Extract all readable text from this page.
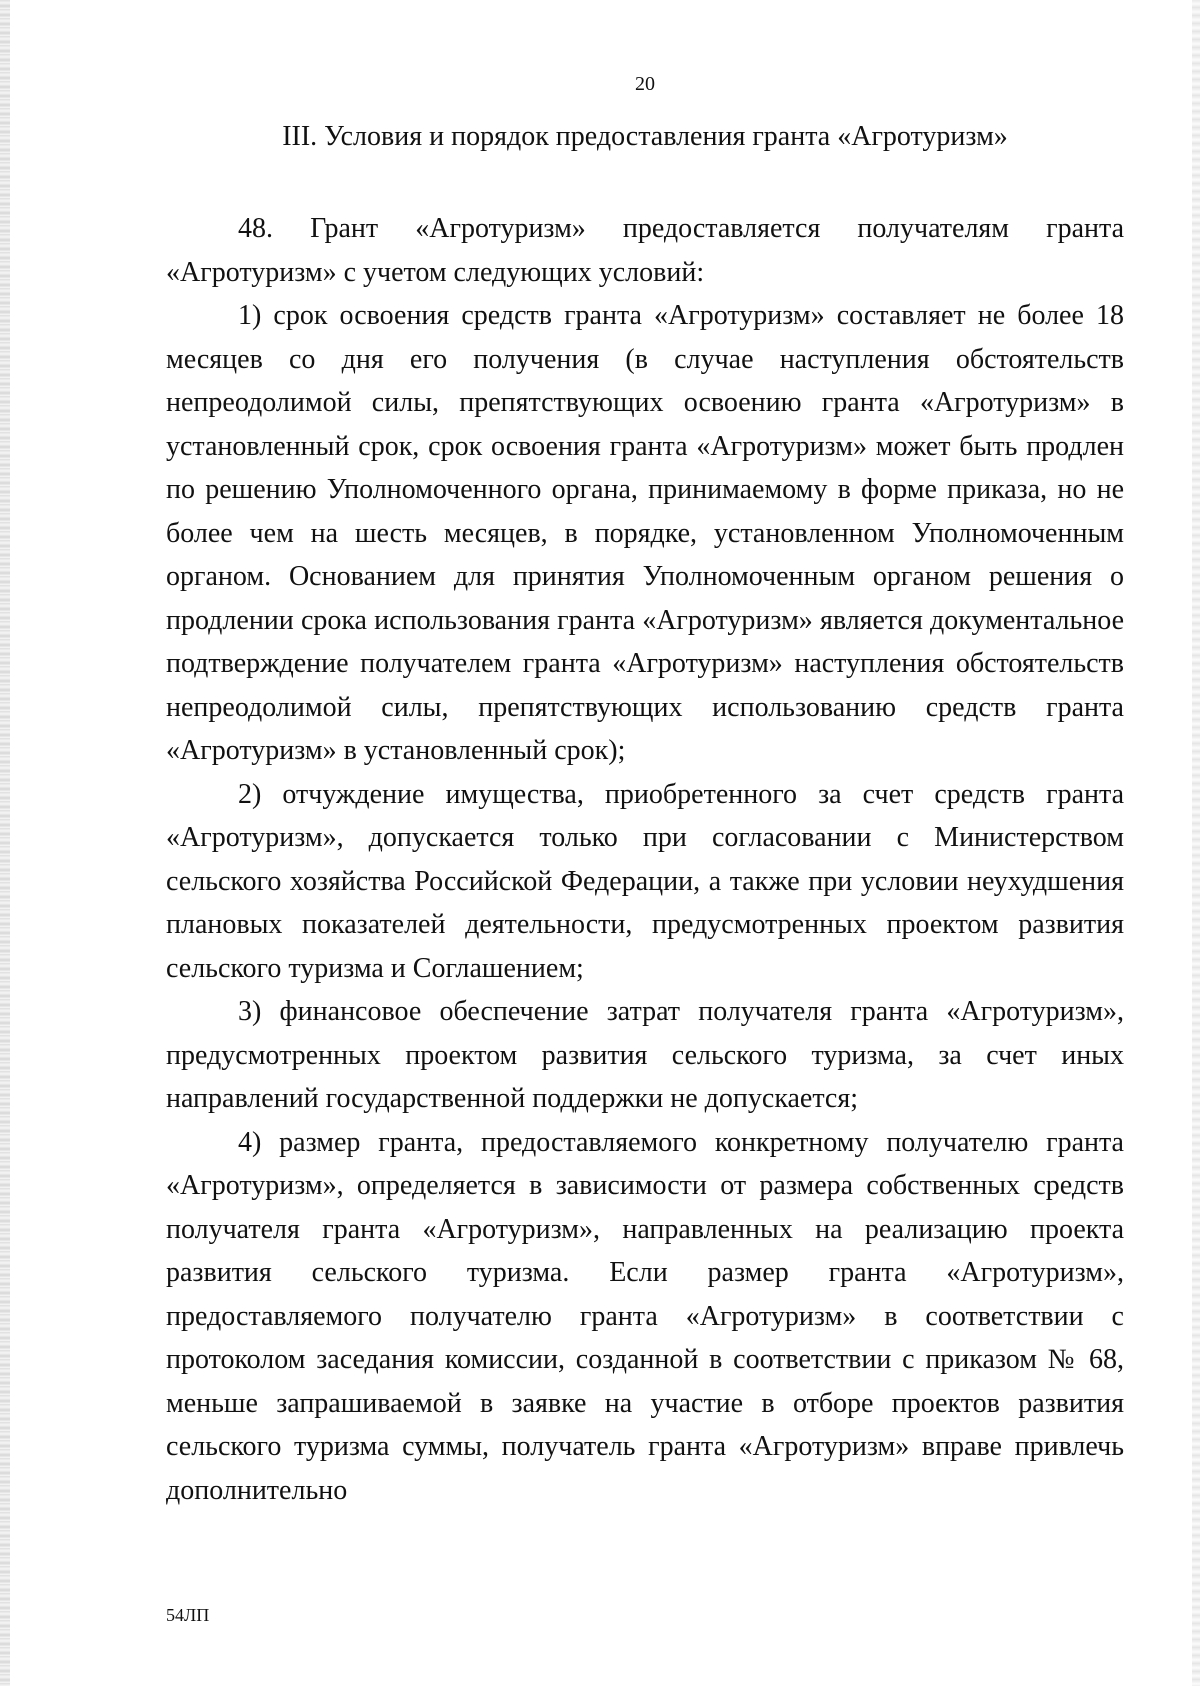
20
III. Условия и порядок предоставления гранта «Агротуризм»

48. Грант «Агротуризм» предоставляется получателям гранта «Агротуризм» с учетом следующих условий:

1) срок освоения средств гранта «Агротуризм» составляет не более 18 месяцев со дня его получения (в случае наступления обстоятельств непреодолимой силы, препятствующих освоению гранта «Агротуризм» в установленный срок, срок освоения гранта «Агротуризм» может быть продлен по решению Уполномоченного органа, принимаемому в форме приказа, но не более чем на шесть месяцев, в порядке, установленном Уполномоченным органом. Основанием для принятия Уполномоченным органом решения о продлении срока использования гранта «Агротуризм» является документальное подтверждение получателем гранта «Агротуризм» наступления обстоятельств непреодолимой силы, препятствующих использованию средств гранта «Агротуризм» в установленный срок);

2) отчуждение имущества, приобретенного за счет средств гранта «Агротуризм», допускается только при согласовании с Министерством сельского хозяйства Российской Федерации, а также при условии неухудшения плановых показателей деятельности, предусмотренных проектом развития сельского туризма и Соглашением;

3) финансовое обеспечение затрат получателя гранта «Агротуризм», предусмотренных проектом развития сельского туризма, за счет иных направлений государственной поддержки не допускается;

4) размер гранта, предоставляемого конкретному получателю гранта «Агротуризм», определяется в зависимости от размера собственных средств получателя гранта «Агротуризм», направленных на реализацию проекта развития сельского туризма. Если размер гранта «Агротуризм», предоставляемого получателю гранта «Агротуризм» в соответствии с протоколом заседания комиссии, созданной в соответствии с приказом № 68, меньше запрашиваемой в заявке на участие в отборе проектов развития сельского туризма суммы, получатель гранта «Агротуризм» вправе привлечь дополнительно

54ЛП
